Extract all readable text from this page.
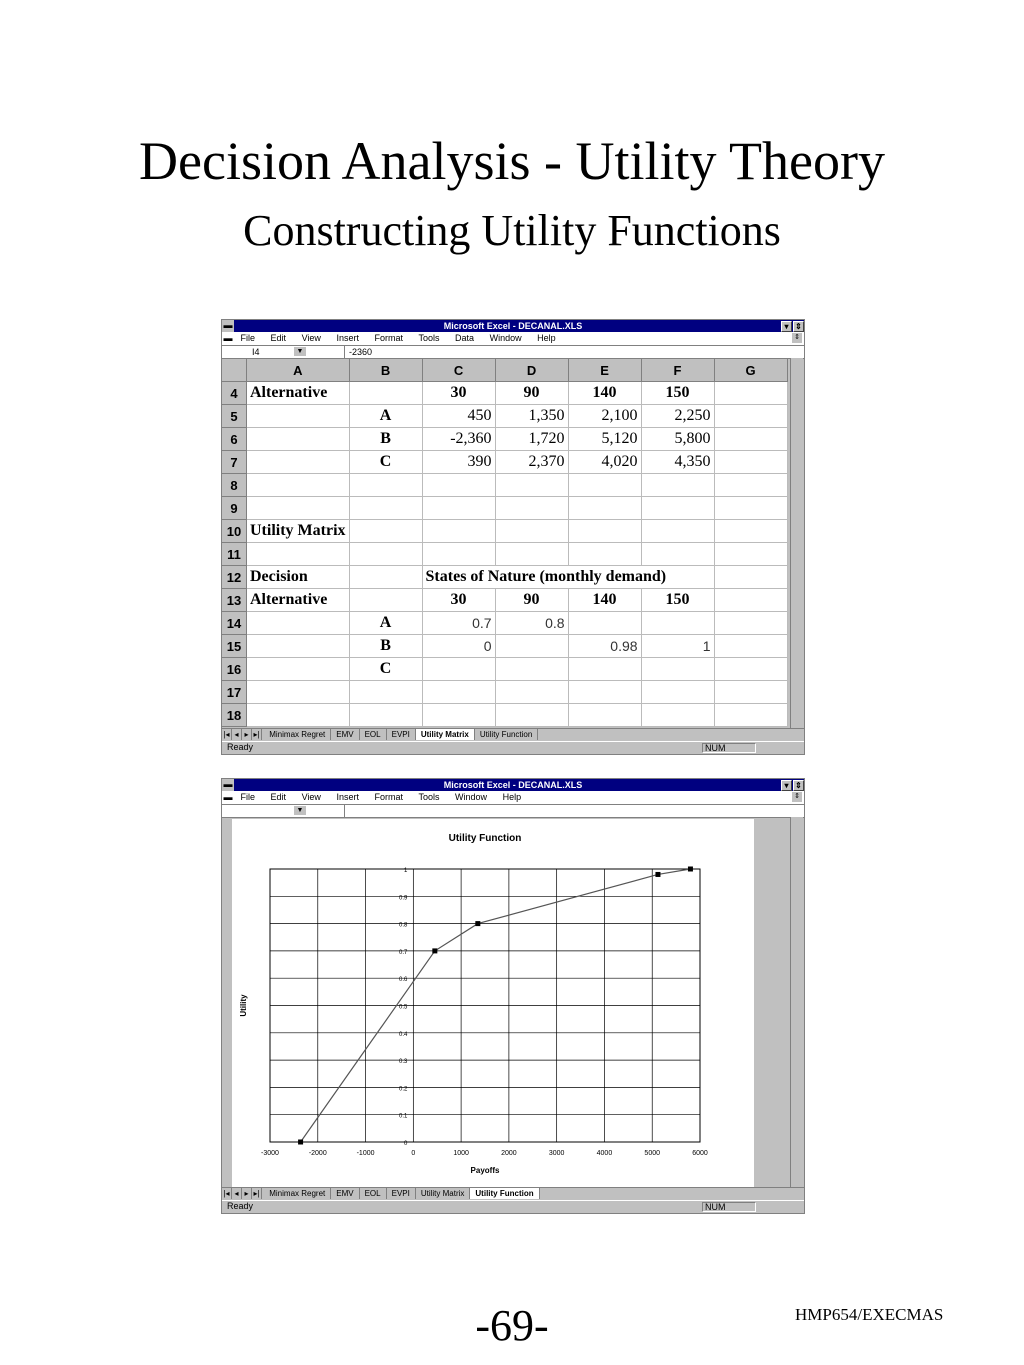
Decision Analysis - Utility Theory
Constructing Utility Functions
▬	Microsoft Excel - DECANAL.XLS	▾ ⇕
▬ File Edit View Insert Format Tools Data Window Help	⇕
I4	▼	-2360
	A	B	C	D	E	F	G
4	Alternative		30	90	140	150	
5		A	450	1,350	2,100	2,250	
6		B	-2,360	1,720	5,120	5,800	
7		C	390	2,370	4,020	4,350	
8							
9							
10	Utility Matrix						
11							
12	Decision		States of Nature (monthly demand)				
13	Alternative		30	90	140	150	
14		A	0.7	0.8			
15		B	0		0.98	1	
16		C					
17							
18							
|◂ ◂ ▸ ▸| Minimax Regret EMV EOL EVPI Utility Matrix Utility Function
Ready	NUM
▬	Microsoft Excel - DECANAL.XLS	▾ ⇕
▬ File Edit View Insert Format Tools Window Help	⇕
▼
Utility Function
0
0.1
0.2
0.3
0.4
0.5
0.6
0.7
0.8
0.9
1
-3000	-2000	-1000	0	1000	2000	3000	4000	5000	6000
Payoffs
Utility
|◂ ◂ ▸ ▸| Minimax Regret EMV EOL EVPI Utility Matrix Utility Function
Ready	NUM
-69-	HMP654/EXECMAS
